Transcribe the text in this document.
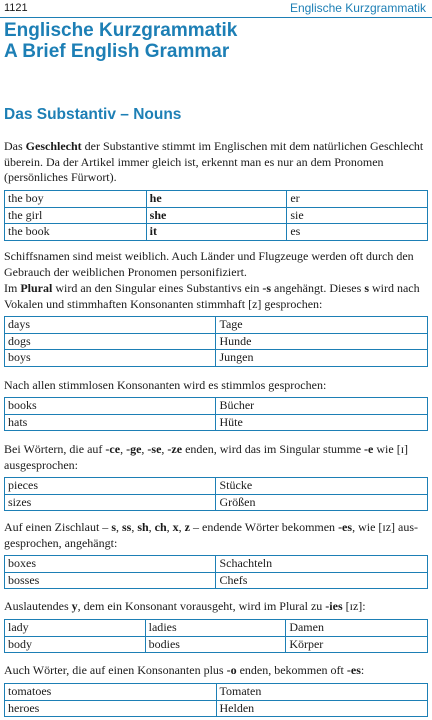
1121	Englische Kurzgrammatik
Englische Kurzgrammatik
A Brief English Grammar
Das Substantiv – Nouns

Das Geschlecht der Substantive stimmt im Englischen mit dem natürlichen Geschlecht überein. Da der Artikel immer gleich ist, erkennt man es nur an dem Pronomen (persönliches Fürwort).

the boy	he	er
the girl	she	sie
the book	it	es

Schiffsnamen sind meist weiblich. Auch Länder und Flugzeuge werden oft durch den Gebrauch der weiblichen Pronomen personifiziert.

Im Plural wird an den Singular eines Substantivs ein -s angehängt. Dieses s wird nach Vokalen und stimmhaften Konsonanten stimmhaft [z] gesprochen:

days	Tage
dogs	Hunde
boys	Jungen

Nach allen stimmlosen Konsonanten wird es stimmlos gesprochen:

books	Bücher
hats	Hüte

Bei Wörtern, die auf -ce, -ge, -se, -ze enden, wird das im Singular stumme -e wie [ɪ] ausgesprochen:

pieces	Stücke
sizes	Größen

Auf einen Zischlaut – s, ss, sh, ch, x, z – endende Wörter bekommen -es, wie [ɪz] ausgesprochen, angehängt:

boxes	Schachteln
bosses	Chefs

Auslautendes y, dem ein Konsonant vorausgeht, wird im Plural zu -ies [ɪz]:

lady	ladies	Damen
body	bodies	Körper

Auch Wörter, die auf einen Konsonanten plus -o enden, bekommen oft -es:

tomatoes	Tomaten
heroes	Helden
